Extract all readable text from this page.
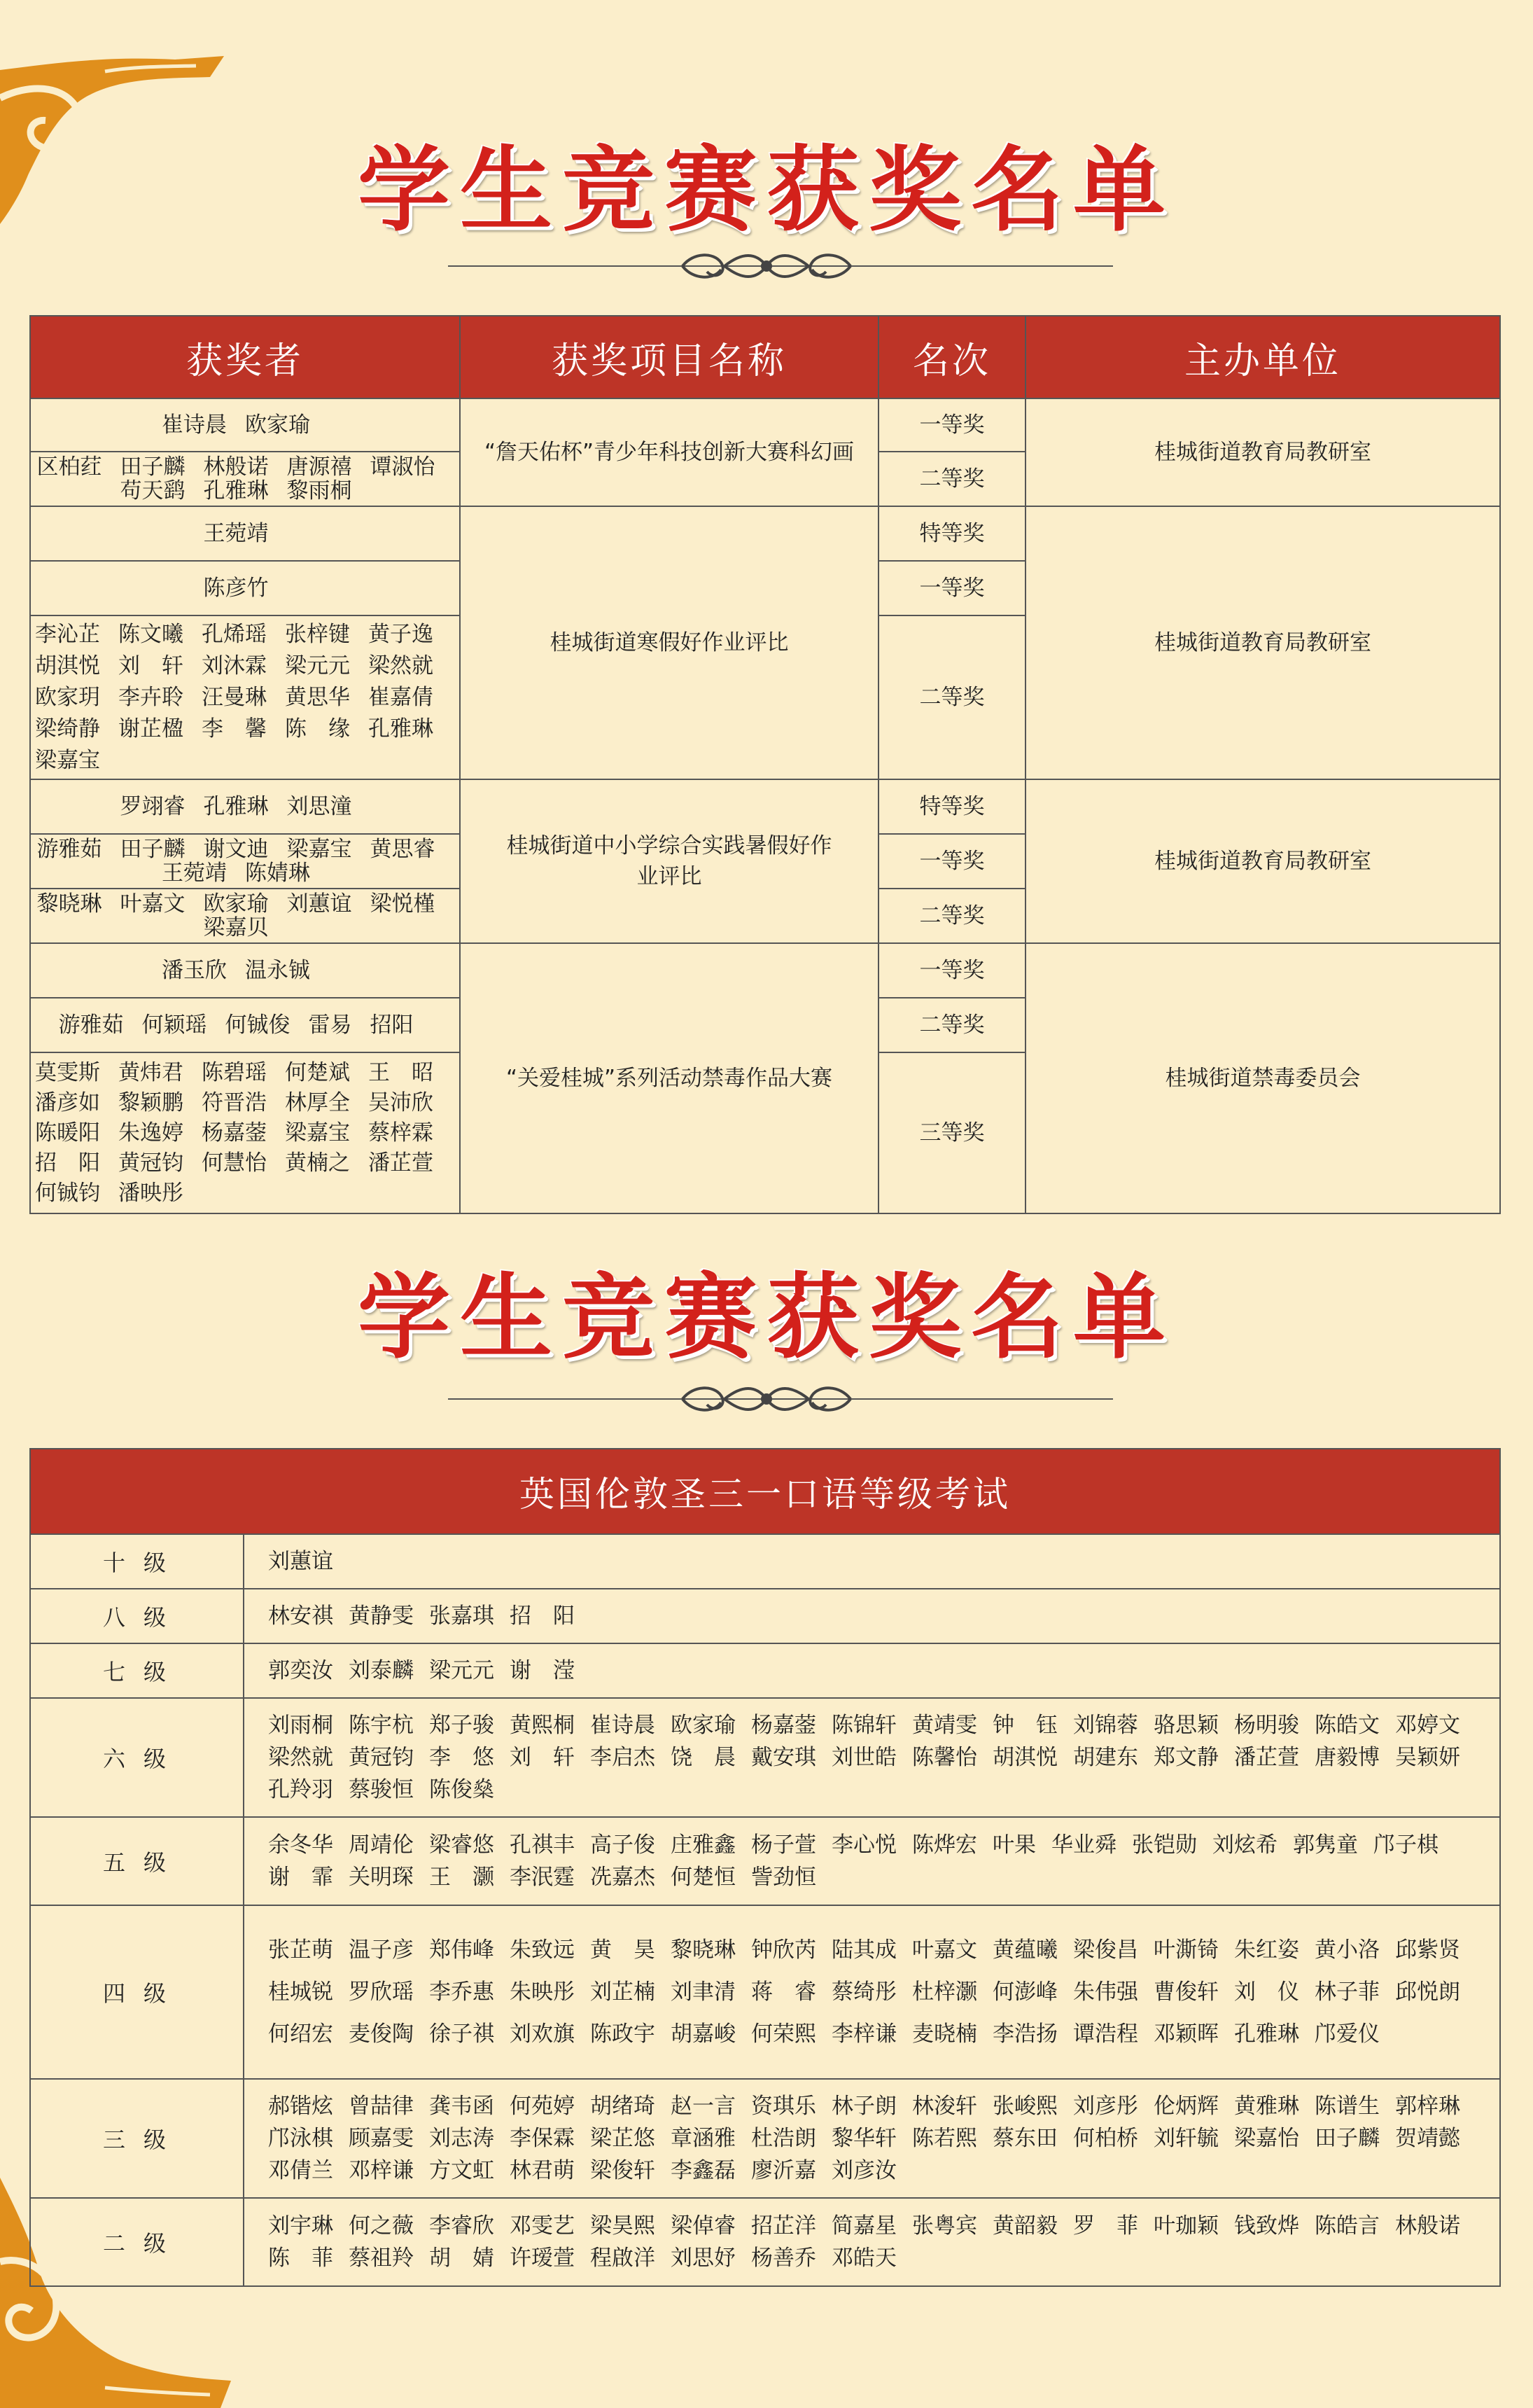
学生竞赛获奖名单
获奖者	获奖项目名称	名次	主办单位
崔诗晨 欧家瑜	“詹天佑杯”青少年科技创新大赛科幻画	一等奖	桂城街道教育局教研室
区柏荭 田子麟 林般诺 唐源禧 谭淑怡苟天鹞 孔雅琳 黎雨桐		二等奖	
王菀靖	桂城街道寒假好作业评比	特等奖	桂城街道教育局教研室
陈彦竹		一等奖	
李沁芷 陈文曦 孔烯瑶 张梓键 黄子逸胡淇悦 刘　轩 刘沐霖 梁元元 梁然就欧家玥 李卉聆 汪曼琳 黄思华 崔嘉倩梁绮静 谢芷楹 李　馨 陈　缘 孔雅琳梁嘉宝		二等奖	
罗翊睿 孔雅琳 刘思潼	桂城街道中小学综合实践暑假好作业评比	特等奖	桂城街道教育局教研室
游雅茹 田子麟 谢文迪 梁嘉宝 黄思睿王菀靖 陈婧琳		一等奖	
黎晓琳 叶嘉文 欧家瑜 刘蕙谊 梁悦槿梁嘉贝		二等奖	
潘玉欣 温永铖	“关爱桂城”系列活动禁毒作品大赛	一等奖	桂城街道禁毒委员会
游雅茹 何颖瑶 何铖俊 雷易 招阳		二等奖	
莫雯斯 黄炜君 陈碧瑶 何楚斌 王　昭潘彦如 黎颖鹏 符晋浩 林厚全 吴沛欣陈暖阳 朱逸婷 杨嘉蓥 梁嘉宝 蔡梓霖招　阳 黄冠钧 何慧怡 黄楠之 潘芷萱何铖钧 潘映彤		三等奖	
学生竞赛获奖名单
英国伦敦圣三一口语等级考试	
十级	刘蕙谊
八级	林安祺 黄静雯 张嘉琪 招　阳
七级	郭奕汝 刘泰麟 梁元元 谢　滢
六级	刘雨桐 陈宇杭 郑子骏 黄熙桐 崔诗晨 欧家瑜 杨嘉蓥 陈锦轩 黄靖雯 钟　钰 刘锦蓉 骆思颖 杨明骏 陈皓文 邓婷文梁然就 黄冠钧 李　悠 刘　轩 李启杰 饶　晨 戴安琪 刘世皓 陈馨怡 胡淇悦 胡建东 郑文静 潘芷萱 唐毅博 吴颖妍孔羚羽 蔡骏恒 陈俊燊
五级	余冬华 周靖伦 梁睿悠 孔祺丰 高子俊 庄雅鑫 杨子萱 李心悦 陈烨宏 叶果 华业舜 张铠勋 刘炫希 郭隽童 邝子棋谢　霏 关明琛 王　灏 李泯霆 冼嘉杰 何楚恒 訾劲恒
四级	张芷萌 温子彦 郑伟峰 朱致远 黄　昊 黎晓琳 钟欣芮 陆其成 叶嘉文 黄蕴曦 梁俊昌 叶澌锜 朱红姿 黄小洛 邱紫贤桂城锐 罗欣瑶 李乔惠 朱映彤 刘芷楠 刘聿清 蒋　睿 蔡绮彤 杜梓灏 何澎峰 朱伟强 曹俊轩 刘　仪 林子菲 邱悦朗何绍宏 麦俊陶 徐子祺 刘欢旗 陈政宇 胡嘉峻 何荣熙 李梓谦 麦晓楠 李浩扬 谭浩程 邓颖晖 孔雅琳 邝爱仪
三级	郝锴炫 曾喆律 龚韦函 何苑婷 胡绪琦 赵一言 资琪乐 林子朗 林浚轩 张峻熙 刘彦彤 伦炳辉 黄雅琳 陈谱生 郭梓琳邝泳棋 顾嘉雯 刘志涛 李保霖 梁芷悠 章涵雅 杜浩朗 黎华轩 陈若熙 蔡东田 何柏桥 刘轩毓 梁嘉怡 田子麟 贺靖懿邓倩兰 邓梓谦 方文虹 林君萌 梁俊轩 李鑫磊 廖沂嘉 刘彦汝
二级	刘宇琳 何之薇 李睿欣 邓雯艺 梁昊熙 梁倬睿 招芷洋 简嘉星 张粤宾 黄韶毅 罗　菲 叶珈颖 钱致烨 陈皓言 林般诺陈　菲 蔡祖羚 胡　婧 许瑷萱 程啟洋 刘思妤 杨善乔 邓皓天
